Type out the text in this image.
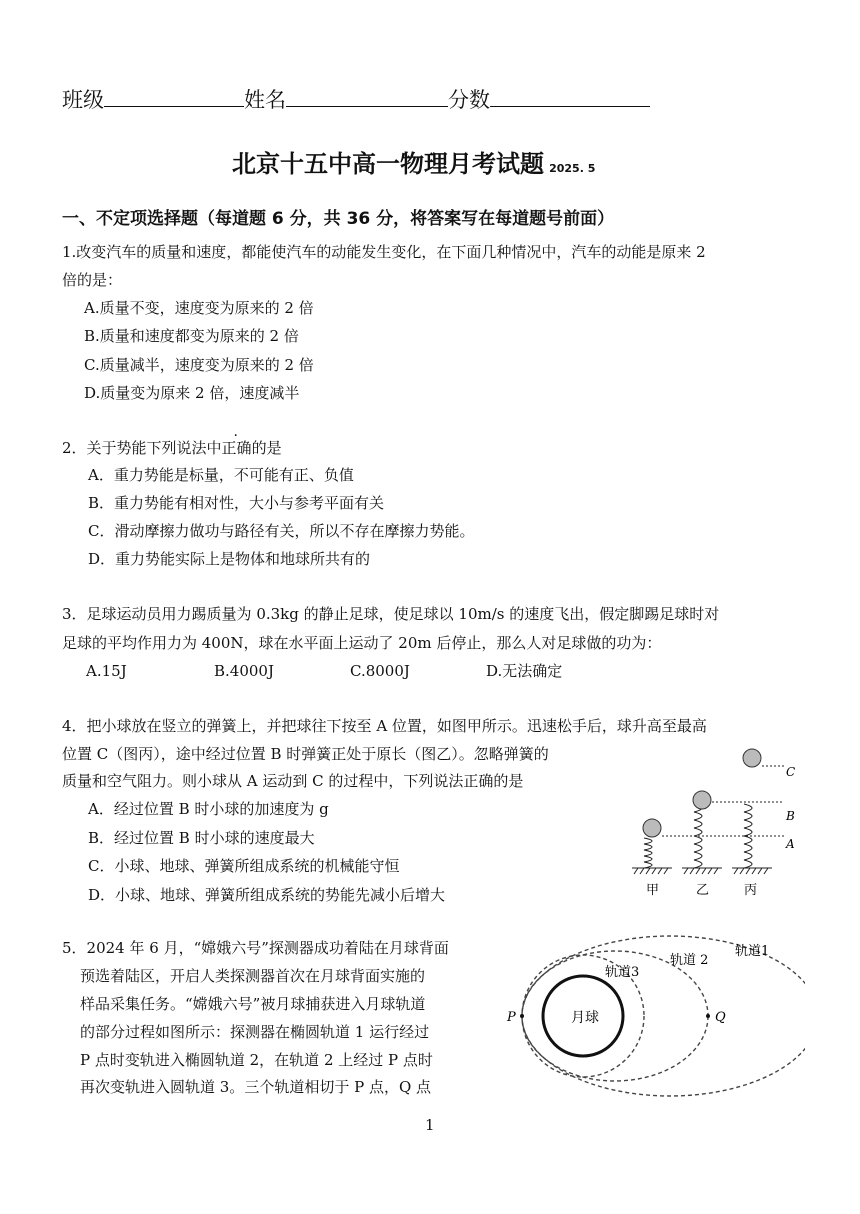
班级	姓名	分数
北京十五中高一物理月考试题 2025. 5
一、不定项选择题（每道题 6 分，共 36 分，将答案写在每道题号前面）
1.改变汽车的质量和速度，都能使汽车的动能发生变化，在下面几种情况中，汽车的动能是原来 2
倍的是：
A.质量不变，速度变为原来的 2 倍
B.质量和速度都变为原来的 2 倍
C.质量减半，速度变为原来的 2 倍
D.质量变为原来 2 倍，速度减半
2．关于势能下列说法中正确的是
A．重力势能是标量，不可能有正、负值
B．重力势能有相对性，大小与参考平面有关
C．滑动摩擦力做功与路径有关，所以不存在摩擦力势能。
D．重力势能实际上是物体和地球所共有的
3．足球运动员用力踢质量为 0.3kg 的静止足球，使足球以 10m/s 的速度飞出，假定脚踢足球时对
足球的平均作用力为 400N，球在水平面上运动了 20m 后停止，那么人对足球做的功为：
A.15J	B.4000J	C.8000J	D.无法确定
4．把小球放在竖立的弹簧上，并把球往下按至 A 位置，如图甲所示。迅速松手后，球升高至最高
位置 C（图丙），途中经过位置 B 时弹簧正处于原长（图乙）。忽略弹簧的
质量和空气阻力。则小球从 A 运动到 C 的过程中，下列说法正确的是
A．经过位置 B 时小球的加速度为 g
B．经过位置 B 时小球的速度最大
C．小球、地球、弹簧所组成系统的机械能守恒
D．小球、地球、弹簧所组成系统的势能先减小后增大
C
B
A
甲	乙	丙
5．2024 年 6 月，“嫦娥六号”探测器成功着陆在月球背面
预选着陆区，开启人类探测器首次在月球背面实施的
样品采集任务。“嫦娥六号”被月球捕获进入月球轨道
的部分过程如图所示：探测器在椭圆轨道 1 运行经过
P 点时变轨进入椭圆轨道 2，在轨道 2 上经过 P 点时
再次变轨进入圆轨道 3。三个轨道相切于 P 点，Q 点
月球
P	Q
轨道1
轨道 2
轨道3
1
